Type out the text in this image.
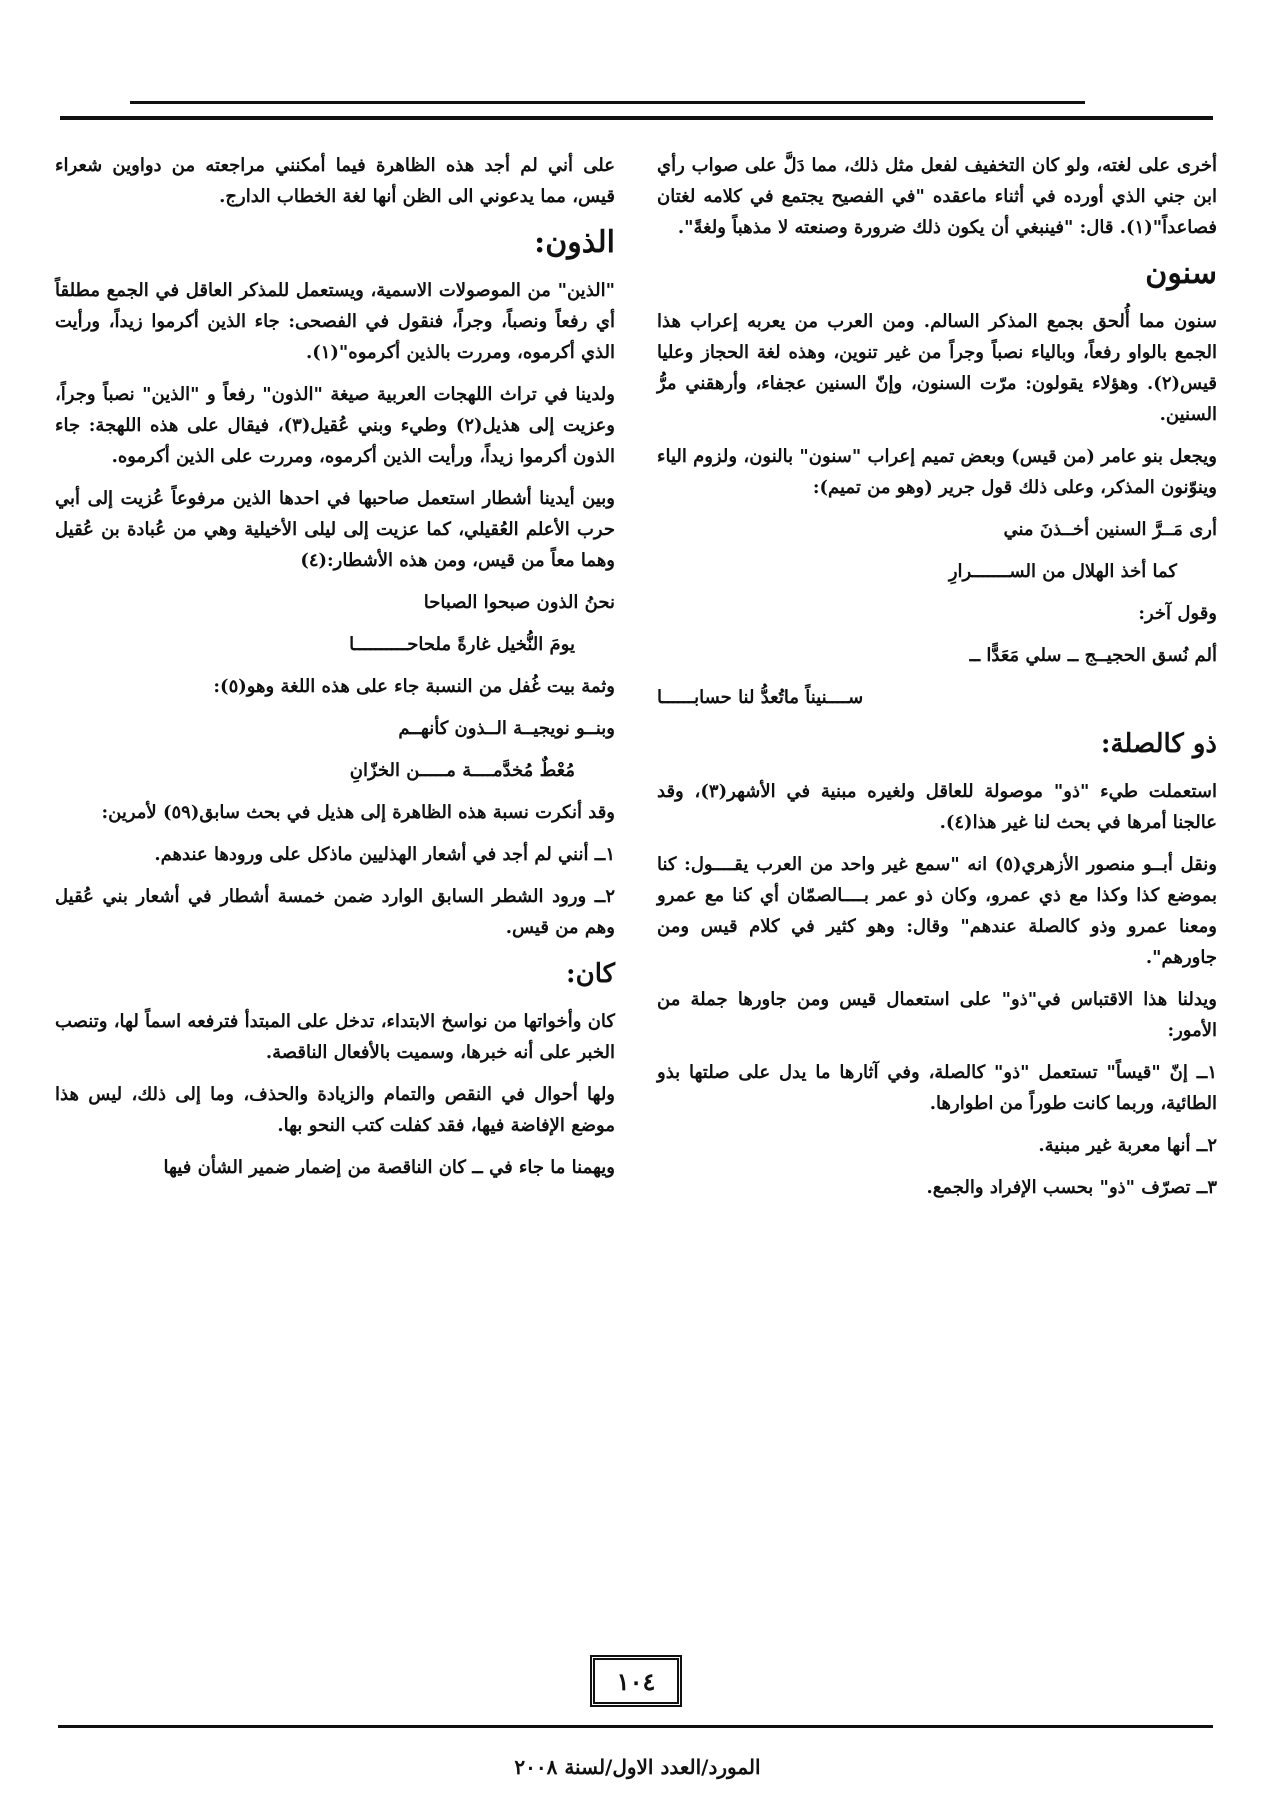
أخرى على لغته، ولو كان التخفيف لفعل مثل ذلك، مما دَلَّ على صواب رأي ابن جني الذي أورده في أثناء ماعقده "في الفصيح يجتمع في كلامه لغتان فصاعداً"(١). قال: "فينبغي أن يكون ذلك ضرورة وصنعته لا مذهباً ولغةً".

سنون

سنون مما أُلحق بجمع المذكر السالم. ومن العرب من يعربه إعراب هذا الجمع بالواو رفعاً، وبالياء نصباً وجراً من غير تنوين، وهذه لغة الحجاز وعليا قيس(٢). وهؤلاء يقولون: مرّت السنون، وإنّ السنين عجفاء، وأرهقني مرُّ السنين.

ويجعل بنو عامر (من قيس) وبعض تميم إعراب "سنون" بالنون، ولزوم الياء وينوّنون المذكر، وعلى ذلك قول جرير (وهو من تميم):

أرى مَــرَّ السنين أخــذنَ مني
كما أخذ الهلال من الســـــــرارِ
وقول آخر:
ألم نُسق الحجيــج ــ سلي مَعَدًّا ــ
ســــنيناً ماتُعدُّ لنا حسابــــــا
ذو كالصلة:

استعملت طيء "ذو" موصولة للعاقل ولغيره مبنية في الأشهر(٣)، وقد عالجنا أمرها في بحث لنا غير هذا(٤).

ونقل أبــو منصور الأزهري(٥) انه "سمع غير واحد من العرب يقــــول: كنا بموضع كذا وكذا مع ذي عمرو، وكان ذو عمر بــــالصمّان أي كنا مع عمرو ومعنا عمرو وذو كالصلة عندهم" وقال: وهو كثير في كلام قيس ومن جاورهم".

ويدلنا هذا الاقتباس في"ذو" على استعمال قيس ومن جاورها جملة من الأمور:

١ــ إنّ "قيساً" تستعمل "ذو" كالصلة، وفي آثارها ما يدل على صلتها بذو الطائية، وربما كانت طوراً من اطوارها.

٢ــ أنها معربة غير مبنية.

٣ــ تصرّف "ذو" بحسب الإفراد والجمع.

على أني لم أجد هذه الظاهرة فيما أمكنني مراجعته من دواوين شعراء قيس، مما يدعوني الى الظن أنها لغة الخطاب الدارج.

الذون:

"الذين" من الموصولات الاسمية، ويستعمل للمذكر العاقل في الجمع مطلقاً أي رفعاً ونصباً، وجراً، فنقول في الفصحى: جاء الذين أكرموا زيداً، ورأيت الذي أكرموه، ومررت بالذين أكرموه"(١).

ولدينا في تراث اللهجات العربية صيغة "الذون" رفعاً و "الذين" نصباً وجراً، وعزيت إلى هذيل(٢) وطيء وبني عُقيل(٣)، فيقال على هذه اللهجة: جاء الذون أكرموا زيداً، ورأيت الذين أكرموه، ومررت على الذين أكرموه.

وبين أيدينا أشطار استعمل صاحبها في احدها الذين مرفوعاً عُزيت إلى أبي حرب الأعلم العُقيلي، كما عزيت إلى ليلى الأخيلية وهي من عُبادة بن عُقيل وهما معاً من قيس، ومن هذه الأشطار:(٤)

نحنُ الذون صبحوا الصباحا
يومَ النُّخيل غارةً ملحاحــــــــــا

وثمة بيت غُفل من النسبة جاء على هذه اللغة وهو(٥):

وبنــو نويجيــة الــذون كأنهــم
مُعْطٌ مُخدَّمــــة مـــــن الخزّانِ

وقد أنكرت نسبة هذه الظاهرة إلى هذيل في بحث سابق(٥٩) لأمرين:

١ــ أنني لم أجد في أشعار الهذليين ماذكل على ورودها عندهم.

٢ــ ورود الشطر السابق الوارد ضمن خمسة أشطار في أشعار بني عُقيل وهم من قيس.

كان:

كان وأخواتها من نواسخ الابتداء، تدخل على المبتدأ فترفعه اسماً لها، وتنصب الخبر على أنه خبرها، وسميت بالأفعال الناقصة.

ولها أحوال في النقص والتمام والزيادة والحذف، وما إلى ذلك، ليس هذا موضع الإفاضة فيها، فقد كفلت كتب النحو بها.

ويهمنا ما جاء في ــ كان الناقصة من إضمار ضمير الشأن فيها

١٠٤
المورد/العدد الاول/لسنة ٢٠٠٨
